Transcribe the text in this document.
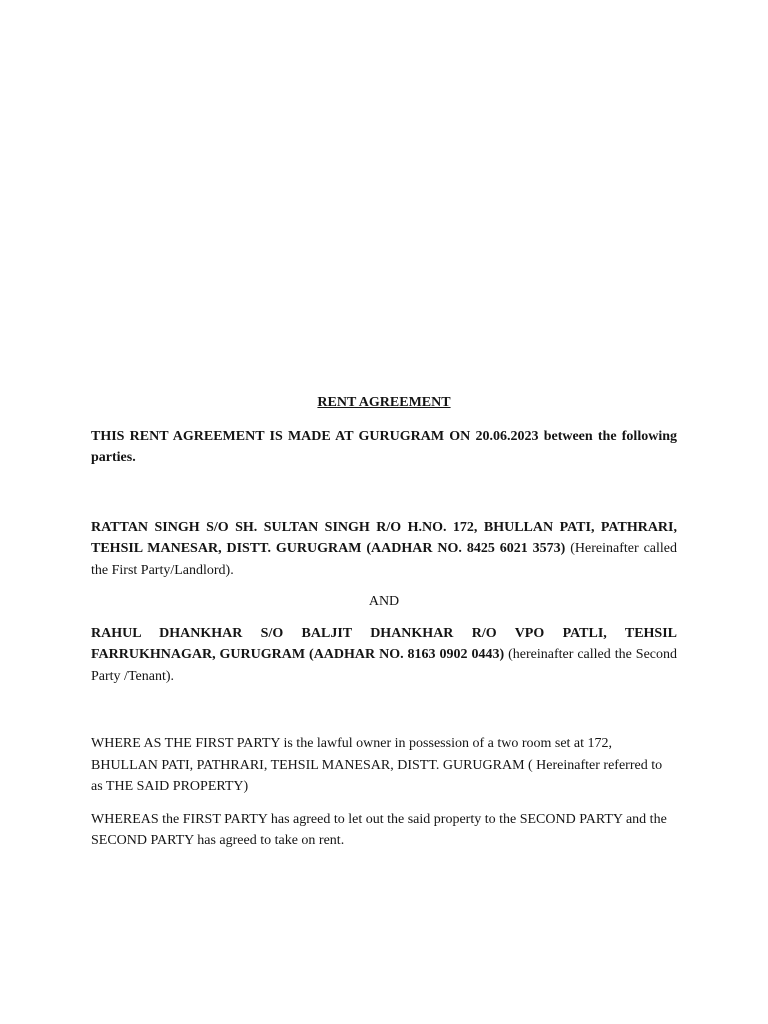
RENT AGREEMENT

THIS RENT AGREEMENT IS MADE AT GURUGRAM ON 20.06.2023 between the following parties.

RATTAN SINGH S/O SH. SULTAN SINGH R/O H.NO. 172, BHULLAN PATI, PATHRARI, TEHSIL MANESAR, DISTT. GURUGRAM (AADHAR NO. 8425 6021 3573) (Hereinafter called the First Party/Landlord).

AND

RAHUL DHANKHAR S/O BALJIT DHANKHAR R/O VPO PATLI, TEHSIL FARRUKHNAGAR, GURUGRAM (AADHAR NO. 8163 0902 0443) (hereinafter called the Second Party /Tenant).

WHERE AS THE FIRST PARTY is the lawful owner in possession of a two room set at 172, BHULLAN PATI, PATHRARI, TEHSIL MANESAR, DISTT. GURUGRAM ( Hereinafter referred to as THE SAID PROPERTY)

WHEREAS the FIRST PARTY has agreed to let out the said property to the SECOND PARTY and the SECOND PARTY has agreed to take on rent.
